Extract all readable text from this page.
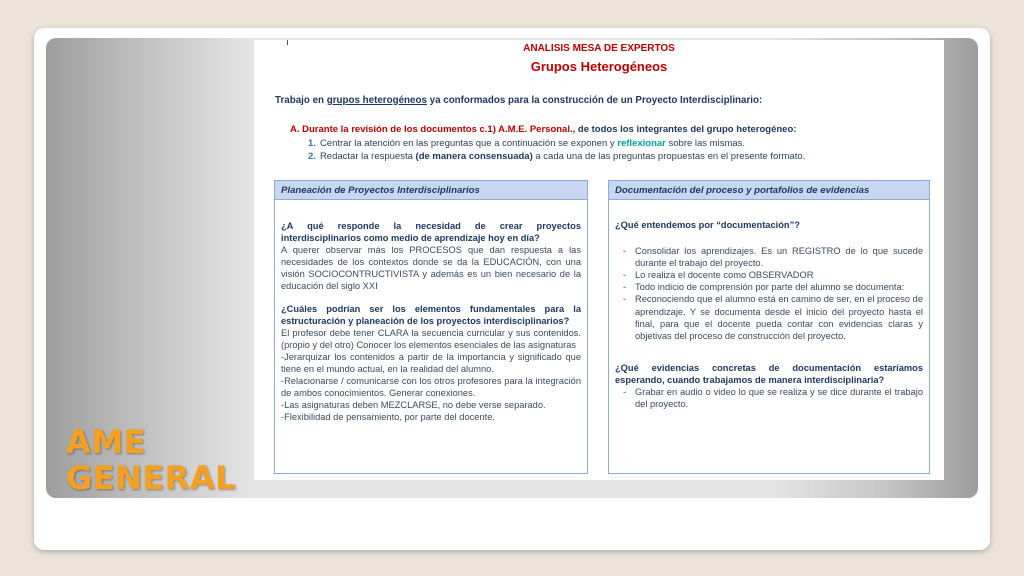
AME
GENERAL
ANALISIS MESA DE EXPERTOS
Grupos Heterogéneos
Trabajo en grupos heterogéneos ya conformados para la construcción de un Proyecto Interdisciplinario:
A. Durante la revisión de los documentos c.1) A.M.E. Personal., de todos los integrantes del grupo heterogéneo:
1. Centrar la atención en las preguntas que a continuación se exponen y reflexionar sobre las mismas.
2. Redactar la respuesta (de manera consensuada) a cada una de las preguntas propuestas en el presente formato.
Planeación de Proyectos Interdisciplinarios
¿A qué responde la necesidad de crear proyectos interdisciplinarios como medio de aprendizaje hoy en día?
A querer observar más los PROCESOS que dan respuesta a las necesidades de los contextos donde se da la EDUCACIÓN, con una visión SOCIOCONTRUCTIVISTA y además es un bien necesario de la educación del siglo XXI
¿Cuáles podrían ser los elementos fundamentales para la estructuración y planeación de los proyectos interdisciplinarios?
El profesor debe tener CLARA la secuencia curricular y sus contenidos. (propio y del otro) Conocer los elementos esenciales de las asignaturas
-Jerarquizar los contenidos a partir de la importancia y significado que tiene en el mundo actual, en la realidad del alumno.
-Relacionarse / comunicarse con los otros profesores para la integración de ambos conocimientos. Generar conexiones.
-Las asignaturas deben MEZCLARSE, no debe verse separado.
-Flexibilidad de pensamiento, por parte del docente.
Documentación del proceso y portafolios de evidencias
¿Qué entendemos por “documentación”?
- Consolidar los aprendizajes. Es un REGISTRO de lo que sucede durante el trabajo del proyecto.
- Lo realiza el docente como OBSERVADOR
- Todo indicio de comprensión por parte del alumno se documenta:
- Reconociendo que el alumno está en camino de ser, en el proceso de aprendizaje. Y se documenta desde el inicio del proyecto hasta el final, para que el docente pueda contar con evidencias claras y objetivas del proceso de construcción del proyecto.
¿Qué evidencias concretas de documentación estaríamos esperando, cuando trabajamos de manera interdisciplinaria?
- Grabar en audio o video lo que se realiza y se dice durante el trabajo del proyecto.
